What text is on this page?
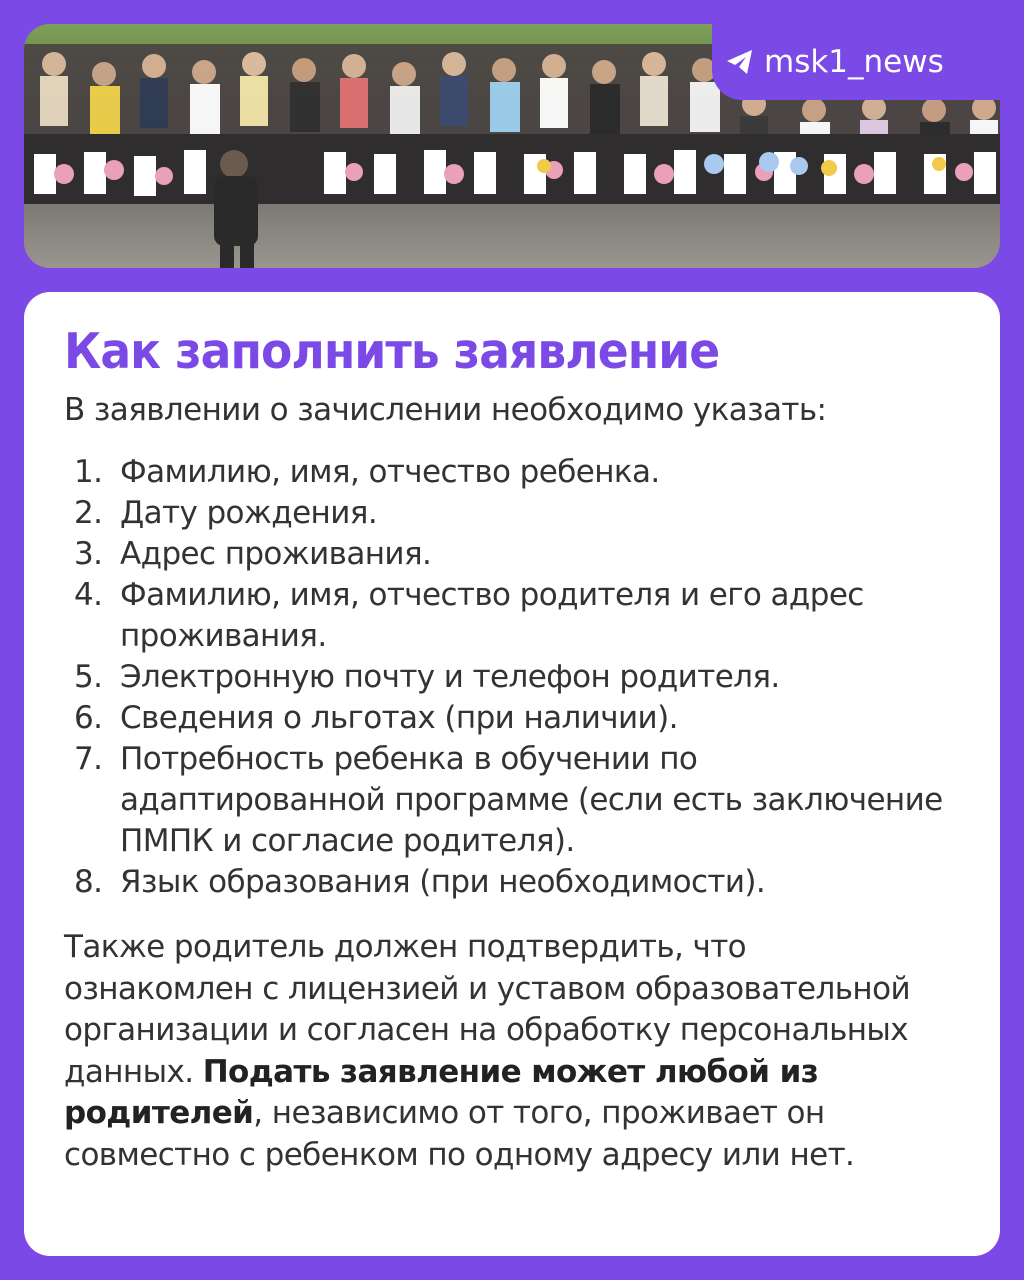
msk1_news
Как заполнить заявление

В заявлении о зачислении необходимо указать:

1. Фамилию, имя, отчество ребенка.
2. Дату рождения.
3. Адрес проживания.
4. Фамилию, имя, отчество родителя и его адрес проживания.
5. Электронную почту и телефон родителя.
6. Сведения о льготах (при наличии).
7. Потребность ребенка в обучении по адаптированной программе (если есть заключение ПМПК и согласие родителя).
8. Язык образования (при необходимости).

Также родитель должен подтвердить, что ознакомлен с лицензией и уставом образовательной организации и согласен на обработку персональных данных. Подать заявление может любой из родителей, независимо от того, проживает он совместно с ребенком по одному адресу или нет.
